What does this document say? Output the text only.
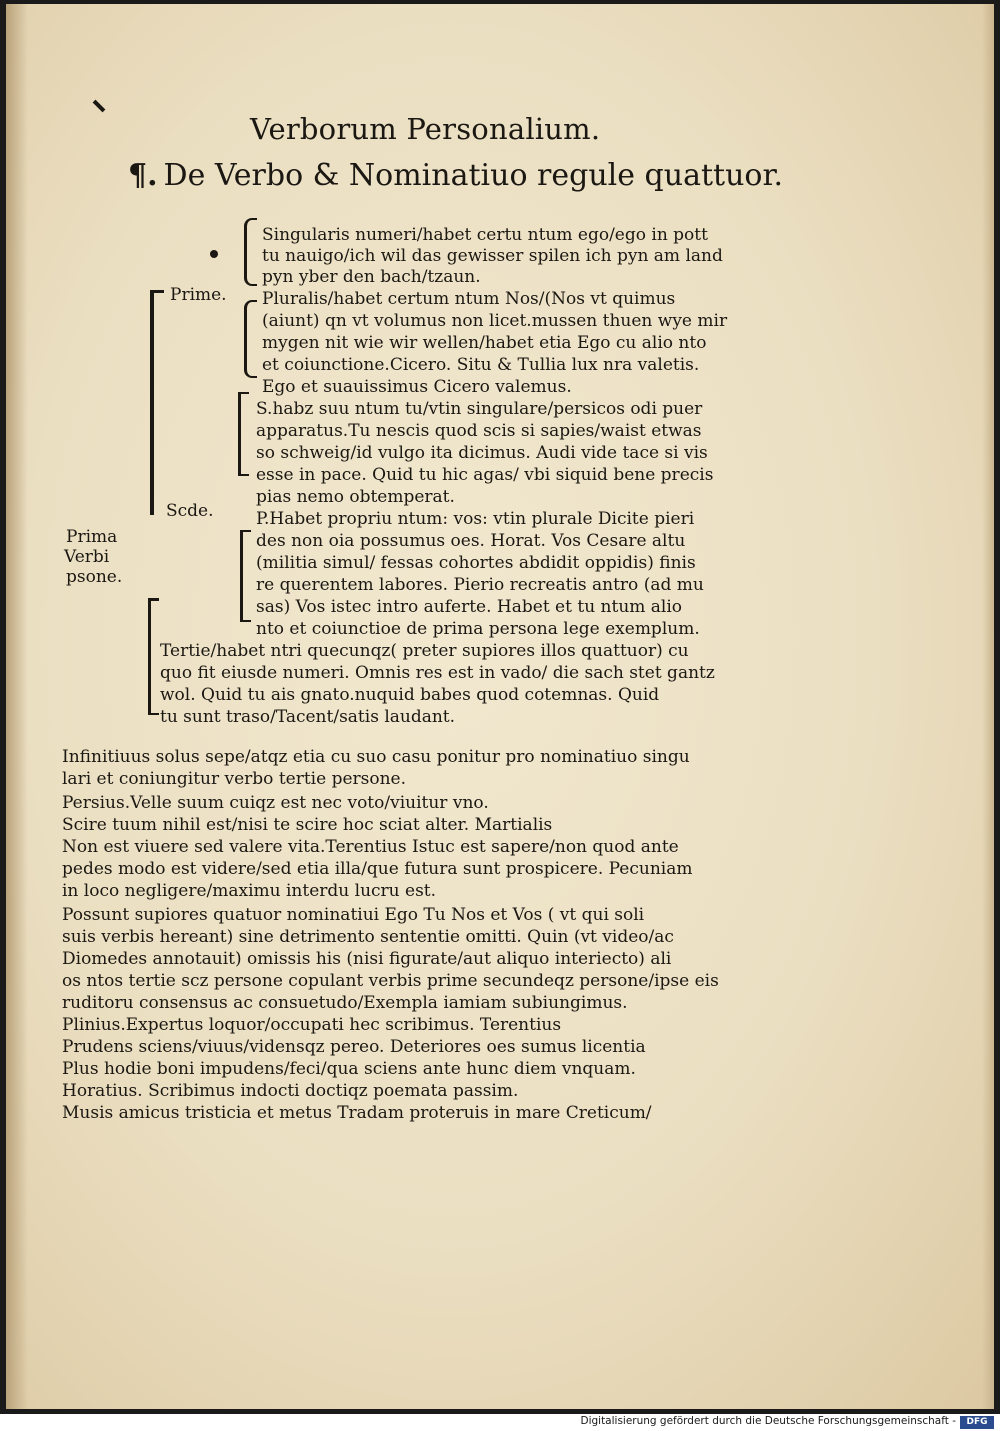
Verborum Personalium.
¶. De Verbo & Nominatiuo regule quattuor.
Prime.
Scde.
Prima
Verbi
psone.
Singularis numeri/habet certu ntum ego/ego in pott
tu nauigo/ich wil das gewisser spilen ich pyn am land
pyn yber den bach/tzaun.
Pluralis/habet certum ntum Nos/(Nos vt quimus
(aiunt) qn vt volumus non licet.mussen thuen wye mir
mygen nit wie wir wellen/habet etia Ego cu alio nto
et coiunctione.Cicero. Situ & Tullia lux nra valetis.
Ego et suauissimus Cicero valemus.
S.habz suu ntum tu/vtin singulare/persicos odi puer
apparatus.Tu nescis quod scis si sapies/waist etwas
so schweig/id vulgo ita dicimus. Audi vide tace si vis
esse in pace. Quid tu hic agas/ vbi siquid bene precis
pias nemo obtemperat.
P.Habet propriu ntum: vos: vtin plurale Dicite pieri
des non oia possumus oes. Horat. Vos Cesare altu
(militia simul/ fessas cohortes abdidit oppidis) finis
re querentem labores. Pierio recreatis antro (ad mu
sas) Vos istec intro auferte. Habet et tu ntum alio
nto et coiunctioe de prima persona lege exemplum.
Tertie/habet ntri quecunqz( preter supiores illos quattuor) cu
quo fit eiusde numeri. Omnis res est in vado/ die sach stet gantz
wol. Quid tu ais gnato.nuquid babes quod cotemnas. Quid
tu sunt traso/Tacent/satis laudant.
Infinitiuus solus sepe/atqz etia cu suo casu ponitur pro nominatiuo singu
lari et coniungitur verbo tertie persone.
Persius.Velle suum cuiqz est nec voto/viuitur vno.
Scire tuum nihil est/nisi te scire hoc sciat alter. Martialis
Non est viuere sed valere vita.Terentius Istuc est sapere/non quod ante
pedes modo est videre/sed etia illa/que futura sunt prospicere. Pecuniam
in loco negligere/maximu interdu lucru est.
Possunt supiores quatuor nominatiui Ego Tu Nos et Vos ( vt qui soli
suis verbis hereant) sine detrimento sententie omitti. Quin (vt video/ac
Diomedes annotauit) omissis his (nisi figurate/aut aliquo interiecto) ali
os ntos tertie scz persone copulant verbis prime secundeqz persone/ipse eis
ruditoru consensus ac consuetudo/Exempla iamiam subiungimus.
Plinius.Expertus loquor/occupati hec scribimus. Terentius
Prudens sciens/viuus/vidensqz pereo. Deteriores oes sumus licentia
Plus hodie boni impudens/feci/qua sciens ante hunc diem vnquam.
Horatius. Scribimus indocti doctiqz poemata passim.
Musis amicus tristicia et metus Tradam proteruis in mare Creticum/
Digitalisierung gefördert durch die Deutsche Forschungsgemeinschaft -	DFG
